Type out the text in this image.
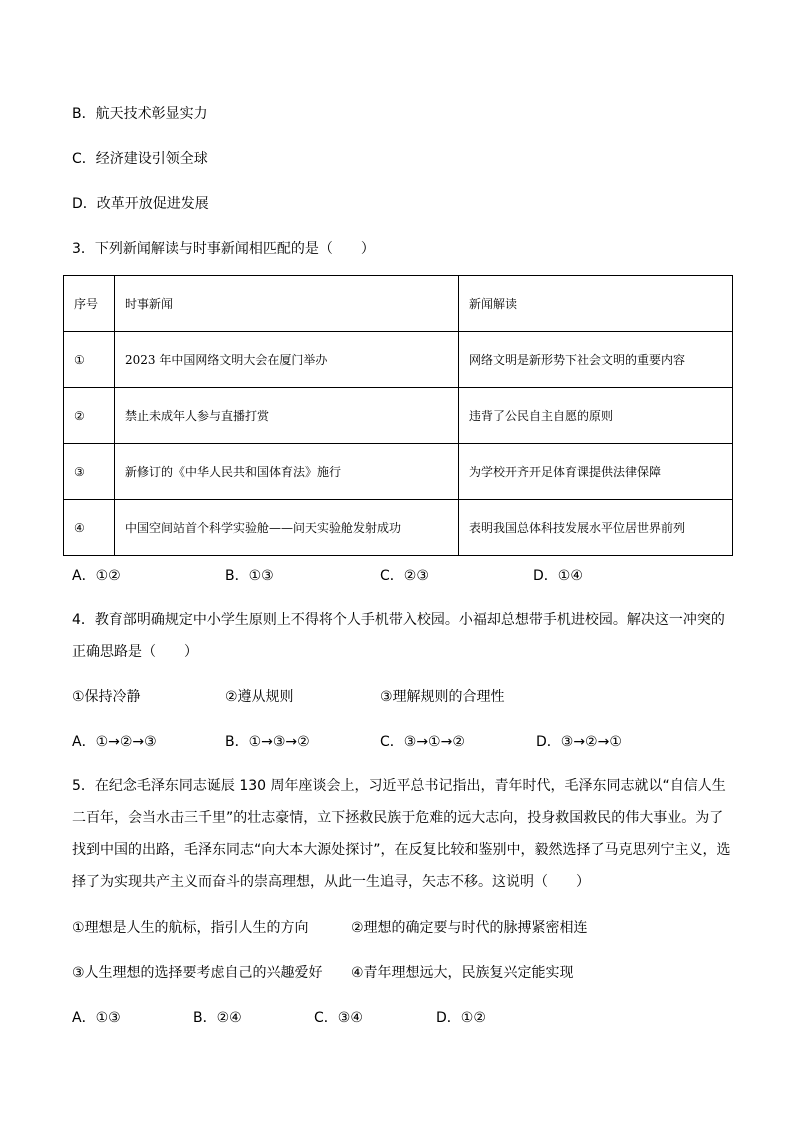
B．航天技术彰显实力
C．经济建设引领全球
D．改革开放促进发展
3．下列新闻解读与时事新闻相匹配的是（　　）
序号	时事新闻	新闻解读
①	2023 年中国网络文明大会在厦门举办	网络文明是新形势下社会文明的重要内容
②	禁止未成年人参与直播打赏	违背了公民自主自愿的原则
③	新修订的《中华人民共和国体育法》施行	为学校开齐开足体育课提供法律保障
④	中国空间站首个科学实验舱——问天实验舱发射成功	表明我国总体科技发展水平位居世界前列
A．①②	B．①③	C．②③	D．①④
4．教育部明确规定中小学生原则上不得将个人手机带入校园。小福却总想带手机进校园。解决这一冲突的
正确思路是（　　）
①保持冷静	②遵从规则	③理解规则的合理性
A．①→②→③	B．①→③→②	C．③→①→②	D．③→②→①
5．在纪念毛泽东同志诞辰 130 周年座谈会上，习近平总书记指出，青年时代，毛泽东同志就以“自信人生
二百年，会当水击三千里”的壮志豪情，立下拯救民族于危难的远大志向，投身救国救民的伟大事业。为了
找到中国的出路，毛泽东同志“向大本大源处探讨”，在反复比较和鉴别中，毅然选择了马克思列宁主义，选
择了为实现共产主义而奋斗的崇高理想，从此一生追寻，矢志不移。这说明（　　）
①理想是人生的航标，指引人生的方向	②理想的确定要与时代的脉搏紧密相连
③人生理想的选择要考虑自己的兴趣爱好 ④青年理想远大，民族复兴定能实现
A．①③	B．②④	C．③④	D．①②
